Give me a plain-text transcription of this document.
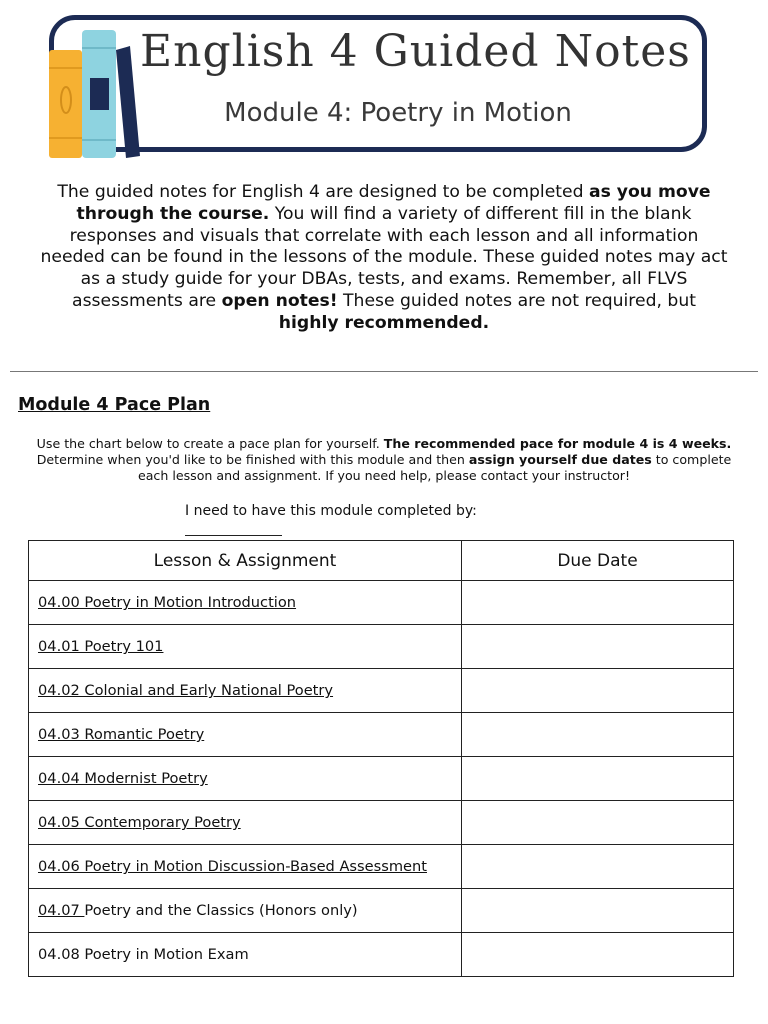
English 4 Guided Notes
Module 4: Poetry in Motion

The guided notes for English 4 are designed to be completed as you move through the course. You will find a variety of different fill in the blank responses and visuals that correlate with each lesson and all information needed can be found in the lessons of the module. These guided notes may act as a study guide for your DBAs, tests, and exams. Remember, all FLVS assessments are open notes! These guided notes are not required, but highly recommended.

Module 4 Pace Plan

Use the chart below to create a pace plan for yourself. The recommended pace for module 4 is 4 weeks. Determine when you'd like to be finished with this module and then assign yourself due dates to complete each lesson and assignment. If you need help, please contact your instructor!

I need to have this module completed by:

Lesson & Assignment	Due Date
04.00 Poetry in Motion Introduction	
04.01 Poetry 101	
04.02 Colonial and Early National Poetry	
04.03 Romantic Poetry	
04.04 Modernist Poetry	
04.05 Contemporary Poetry	
04.06 Poetry in Motion Discussion-Based Assessment	
04.07 Poetry and the Classics (Honors only)	
04.08 Poetry in Motion Exam	
